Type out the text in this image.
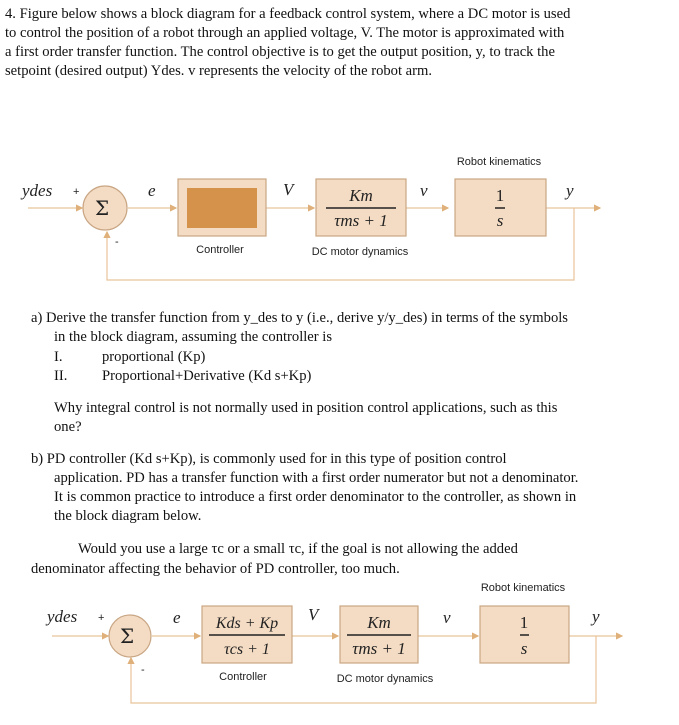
4. Figure below shows a block diagram for a feedback control system, where a DC motor is used
to control the position of a robot through an applied voltage, V. The motor is approximated with
a first order transfer function. The control objective is to get the output position, y, to track the
setpoint (desired output) Ydes. v represents the velocity of the robot arm.
ydes +
-
Σ
e	V	v	y
Km
τms + 1
1
s
Controller	DC motor dynamics
Robot kinematics
ydes +
-
Σ
e	V	v	y
Kds + Kp
τcs + 1
Km
τms + 1
1
s
Controller	DC motor dynamics
Robot kinematics
a) Derive the transfer function from y_des to y (i.e., derive y/y_des) in terms of the symbols
in the block diagram, assuming the controller is
I.	proportional (Kp)
II. Proportional+Derivative (Kd s+Kp)
Why integral control is not normally used in position control applications, such as this
one?
b) PD controller (Kd s+Kp), is commonly used for in this type of position control
application. PD has a transfer function with a first order numerator but not a denominator.
It is common practice to introduce a first order denominator to the controller, as shown in
the block diagram below.
Would you use a large τc or a small τc, if the goal is not allowing the added
denominator affecting the behavior of PD controller, too much.
